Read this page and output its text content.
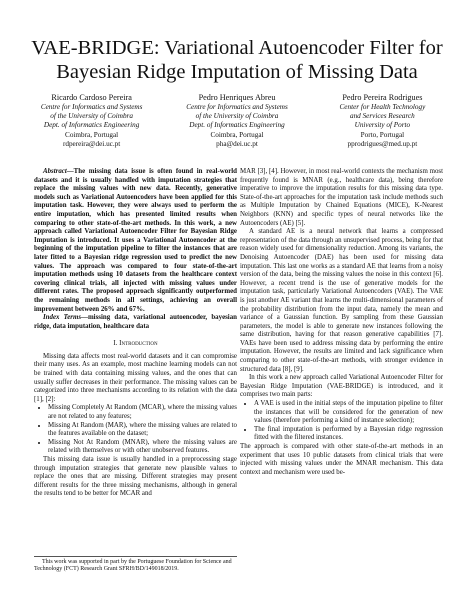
VAE-BRIDGE: Variational Autoencoder Filter for Bayesian Ridge Imputation of Missing Data
Ricardo Cardoso Pereira
Centre for Informatics and Systems
of the University of Coimbra
Dept. of Informatics Engineering
Coimbra, Portugal
rdpereira@dei.uc.pt
Pedro Henriques Abreu
Centre for Informatics and Systems
of the University of Coimbra
Dept. of Informatics Engineering
Coimbra, Portugal
pha@dei.uc.pt
Pedro Pereira Rodrigues
Center for Health Technology
and Services Research
University of Porto
Porto, Portugal
pprodrigues@med.up.pt

Abstract—The missing data issue is often found in real-world datasets and it is usually handled with imputation strategies that replace the missing values with new data. Recently, generative models such as Variational Autoencoders have been applied for this imputation task. However, they were always used to perform the entire imputation, which has presented limited results when comparing to other state-of-the-art methods. In this work, a new approach called Variational Autoencoder Filter for Bayesian Ridge Imputation is introduced. It uses a Variational Autoencoder at the beginning of the imputation pipeline to filter the instances that are later fitted to a Bayesian ridge regression used to predict the new values. The approach was compared to four state-of-the-art imputation methods using 10 datasets from the healthcare context covering clinical trials, all injected with missing values under different rates. The proposed approach significantly outperformed the remaining methods in all settings, achieving an overall improvement between 26% and 67%.

Index Terms—missing data, variational autoencoder, bayesian ridge, data imputation, healthcare data

I. Introduction

Missing data affects most real-world datasets and it can compromise their many uses. As an example, most machine learning models can not be trained with data containing missing values, and the ones that can usually suffer decreases in their performance. The missing values can be categorized into three mechanisms according to its relation with the data [1], [2]:

• Missing Completely At Random (MCAR), where the missing values are not related to any features;
• Missing At Random (MAR), where the missing values are related to the features available on the dataset;
• Missing Not At Random (MNAR), where the missing values are related with themselves or with other unobserved features.

This missing data issue is usually handled in a preprocessing stage through imputation strategies that generate new plausible values to replace the ones that are missing. Different strategies may present different results for the three missing mechanisms, although in general the results tend to be better for MCAR and

This work was supported in part by the Portuguese Foundation for Science and Technology (FCT) Research Grant SFRH/BD/149018/2019.

MAR [3], [4]. However, in most real-world contexts the mechanism most frequently found is MNAR (e.g., healthcare data), being therefore imperative to improve the imputation results for this missing data type. State-of-the-art approaches for the imputation task include methods such as Multiple Imputation by Chained Equations (MICE), K-Nearest Neighbors (KNN) and specific types of neural networks like the Autoencoders (AE) [5].

A standard AE is a neural network that learns a compressed representation of the data through an unsupervised process, being for that reason widely used for dimensionality reduction. Among its variants, the Denoising Autoencoder (DAE) has been used for missing data imputation. This last one works as a standard AE that learns from a noisy version of the data, being the missing values the noise in this context [6]. However, a recent trend is the use of generative models for the imputation task, particularly Variational Autoencoders (VAE). The VAE is just another AE variant that learns the multi-dimensional parameters of the probability distribution from the input data, namely the mean and variance of a Gaussian function. By sampling from these Gaussian parameters, the model is able to generate new instances following the same distribution, having for that reason generative capabilities [7]. VAEs have been used to address missing data by performing the entire imputation. However, the results are limited and lack significance when comparing to other state-of-the-art methods, with stronger evidence in structured data [8], [9].

In this work a new approach called Variational Autoencoder Filter for Bayesian Ridge Imputation (VAE-BRIDGE) is introduced, and it comprises two main parts:

• A VAE is used in the initial steps of the imputation pipeline to filter the instances that will be considered for the generation of new values (therefore performing a kind of instance selection);
• The final imputation is performed by a Bayesian ridge regression fitted with the filtered instances.

The approach is compared with other state-of-the-art methods in an experiment that uses 10 public datasets from clinical trials that were injected with missing values under the MNAR mechanism. This data context and mechanism were used be-
